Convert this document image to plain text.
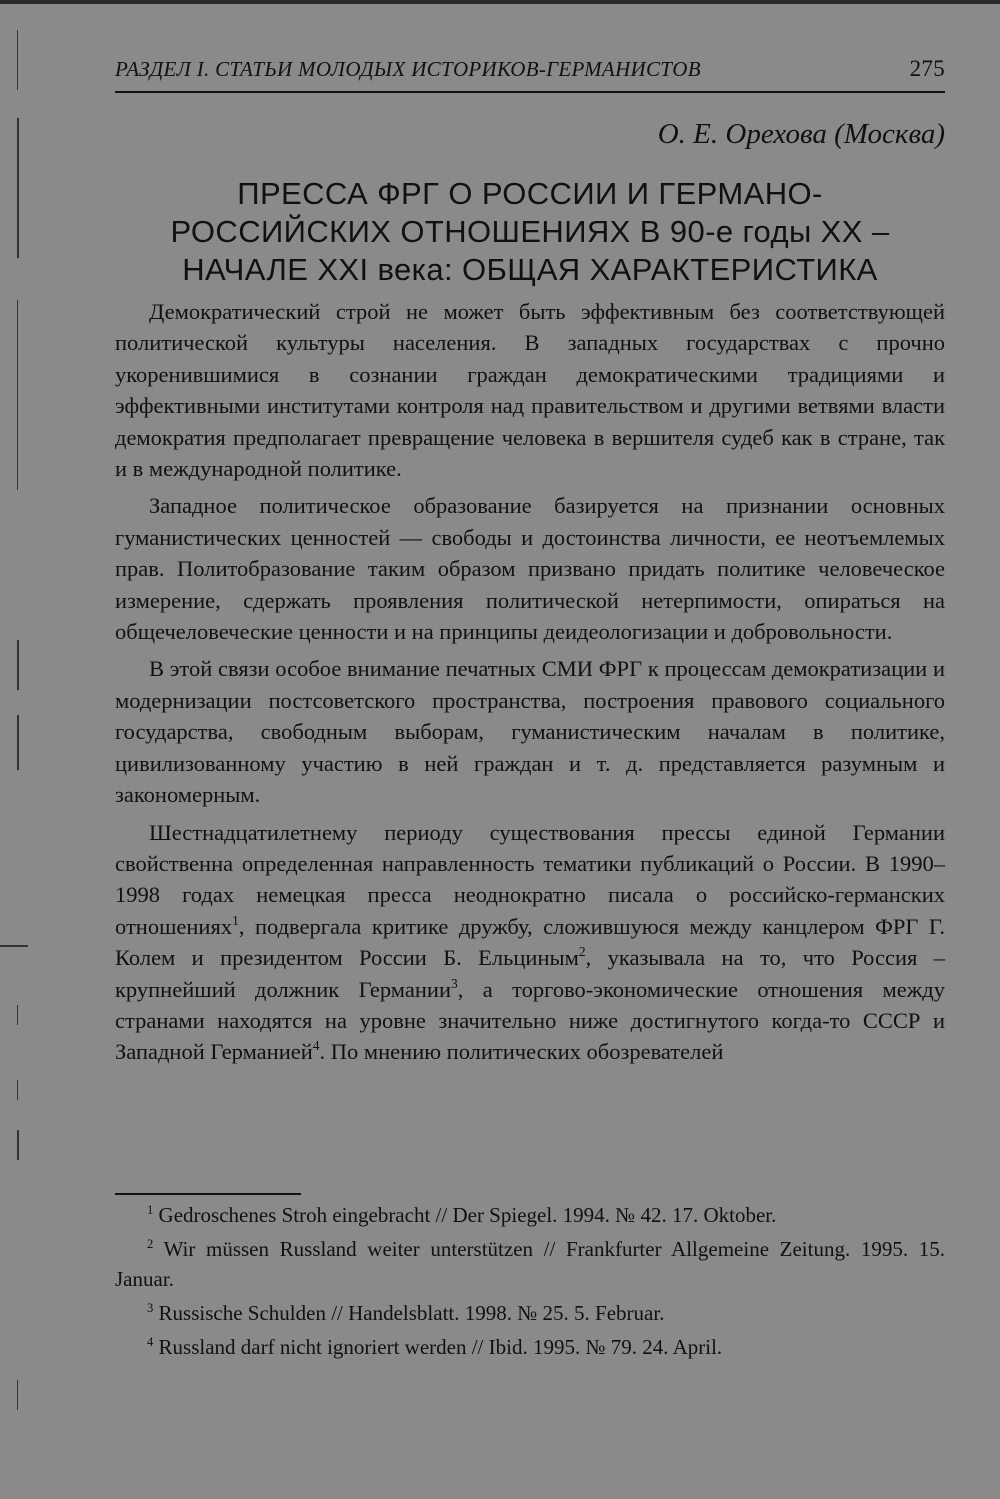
РАЗДЕЛ I. СТАТЬИ МОЛОДЫХ ИСТОРИКОВ-ГЕРМАНИСТОВ	275
О. Е. Орехова (Москва)
ПРЕССА ФРГ О РОССИИ И ГЕРМАНО-
РОССИЙСКИХ ОТНОШЕНИЯХ В 90-е годы XX –
НАЧАЛЕ XXI века: ОБЩАЯ ХАРАКТЕРИСТИКА

Демократический строй не может быть эффективным без соответствующей политической культуры населения. В западных государствах с прочно укоренившимися в сознании граждан демократическими традициями и эффективными институтами контроля над правительством и другими ветвями власти демократия предполагает превращение человека в вершителя судеб как в стране, так и в международной политике.

Западное политическое образование базируется на признании основных гуманистических ценностей — свободы и достоинства личности, ее неотъемлемых прав. Политобразование таким образом призвано придать политике человеческое измерение, сдержать проявления политической нетерпимости, опираться на общечеловеческие ценности и на принципы деидеологизации и добровольности.

В этой связи особое внимание печатных СМИ ФРГ к процессам демократизации и модернизации постсоветского пространства, построения правового социального государства, свободным выборам, гуманистическим началам в политике, цивилизованному участию в ней граждан и т. д. представляется разумным и закономерным.

Шестнадцатилетнему периоду существования прессы единой Германии свойственна определенная направленность тематики публикаций о России. В 1990–1998 годах немецкая пресса неоднократно писала о российско-германских отношениях$^1$, подвергала критике дружбу, сложившуюся между канцлером ФРГ Г. Колем и президентом России Б. Ельциным$^2$, указывала на то, что Россия – крупнейший должник Германии$^3$, а торгово-экономические отношения между странами находятся на уровне значительно ниже достигнутого когда-то СССР и Западной Германией$^4$. По мнению политических обозревателей

$^1$ Gedroschenes Stroh eingebracht // Der Spiegel. 1994. № 42. 17. Oktober.

$^2$ Wir müssen Russland weiter unterstützen // Frankfurter Allgemeine Zeitung. 1995. 15. Januar.

$^3$ Russische Schulden // Handelsblatt. 1998. № 25. 5. Februar.

$^4$ Russland darf nicht ignoriert werden // Ibid. 1995. № 79. 24. April.
